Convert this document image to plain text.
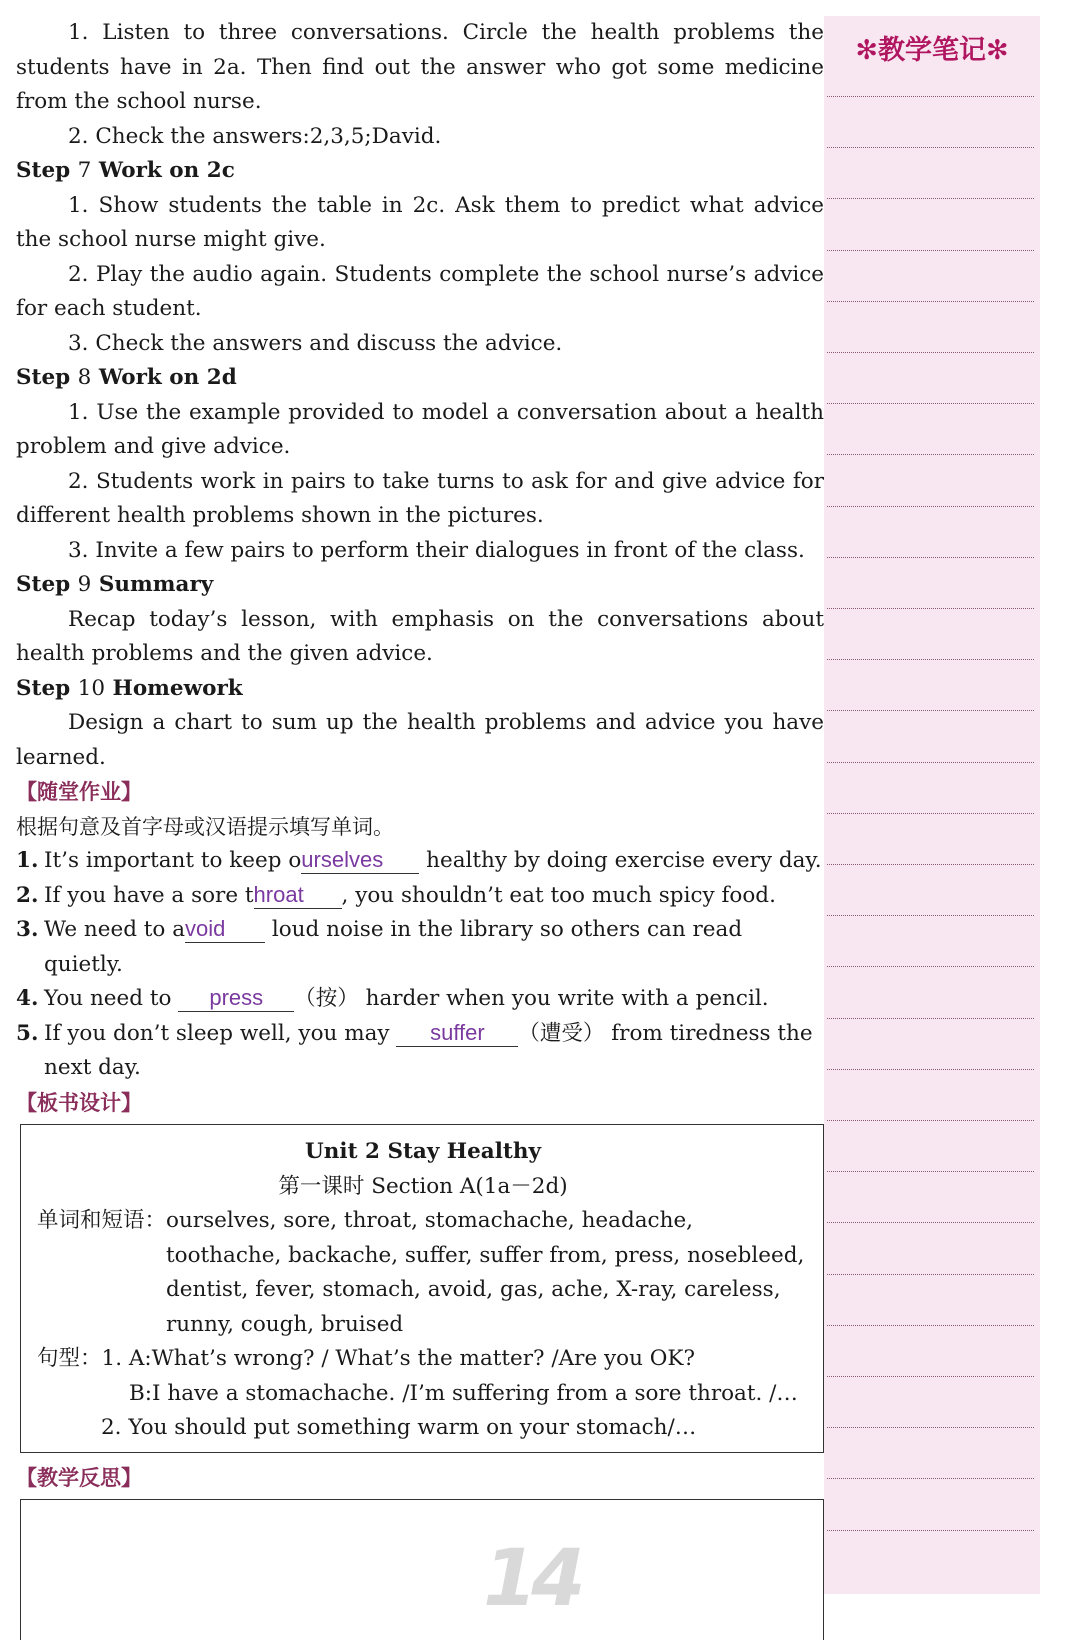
1. Listen to three conversations. Circle the health problems the students have in 2a. Then find out the answer who got some medicine from the school nurse.

2. Check the answers:2,3,5;David.

Step 7 Work on 2c

1. Show students the table in 2c. Ask them to predict what advice the school nurse might give.

2. Play the audio again. Students complete the school nurse’s advice for each student.

3. Check the answers and discuss the advice.

Step 8 Work on 2d

1. Use the example provided to model a conversation about a health problem and give advice.

2. Students work in pairs to take turns to ask for and give advice for different health problems shown in the pictures.

3. Invite a few pairs to perform their dialogues in front of the class.

Step 9 Summary

Recap today’s lesson, with emphasis on the conversations about health problems and the given advice.

Step 10 Homework

Design a chart to sum up the health problems and advice you have learned.

【随堂作业】

根据句意及首字母或汉语提示填写单词。

1. It’s important to keep ourselves healthy by doing exercise every day.

2. If you have a sore throat , you shouldn’t eat too much spicy food.

3. We need to avoid loud noise in the library so others can read quietly.

4. You need to press （按） harder when you write with a pencil.

5. If you don’t sleep well, you may suffer （遭受） from tiredness the next day.

【板书设计】

Unit 2 Stay Healthy

第一课时 Section A(1a－2d)

单词和短语： ourselves, sore, throat, stomachache, headache, toothache, backache, suffer, suffer from, press, nosebleed, dentist, fever, stomach, avoid, gas, ache, X-ray, careless, runny, cough, bruised
句型： 1. A:What’s wrong? / What’s the matter? /Are you OK?

B:I have a stomachache. /I’m suffering from a sore throat. /…

2. You should put something warm on your stomach/…

【教学反思】

14
✻教学笔记✻
